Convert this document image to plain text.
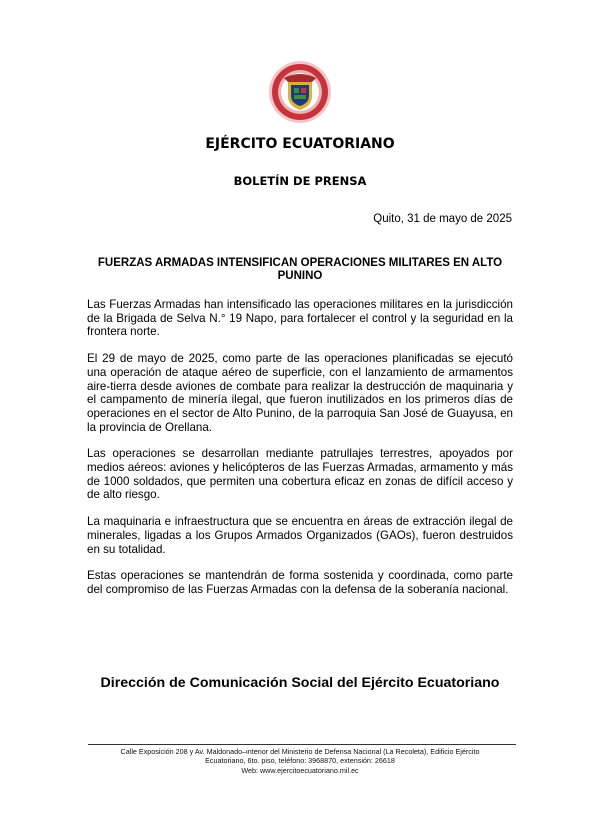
EJÉRCITO ECUATORIANO
BOLETÍN DE PRENSA
Quito, 31 de mayo de 2025
FUERZAS ARMADAS INTENSIFICAN OPERACIONES MILITARES EN ALTO PUNINO

Las Fuerzas Armadas han intensificado las operaciones militares en la jurisdicción de la Brigada de Selva N.° 19 Napo, para fortalecer el control y la seguridad en la frontera norte.

El 29 de mayo de 2025, como parte de las operaciones planificadas se ejecutó una operación de ataque aéreo de superficie, con el lanzamiento de armamentos aire-tierra desde aviones de combate para realizar la destrucción de maquinaria y el campamento de minería ilegal, que fueron inutilizados en los primeros días de operaciones en el sector de Alto Punino, de la parroquia San José de Guayusa, en la provincia de Orellana.

Las operaciones se desarrollan mediante patrullajes terrestres, apoyados por medios aéreos: aviones y helicópteros de las Fuerzas Armadas, armamento y más de 1000 soldados, que permiten una cobertura eficaz en zonas de difícil acceso y de alto riesgo.

La maquinaria e infraestructura que se encuentra en áreas de extracción ilegal de minerales, ligadas a los Grupos Armados Organizados (GAOs), fueron destruidos en su totalidad.

Estas operaciones se mantendrán de forma sostenida y coordinada, como parte del compromiso de las Fuerzas Armadas con la defensa de la soberanía nacional.

Dirección de Comunicación Social del Ejército Ecuatoriano
Calle Exposición 208 y Av. Maldonado–interior del Ministerio de Defensa Nacional (La Recoleta), Edificio Ejército
Ecuatoriano, 6to. piso, teléfono: 3968870, extensión: 26618
Web: www.ejercitoecuatoriano.mil.ec
